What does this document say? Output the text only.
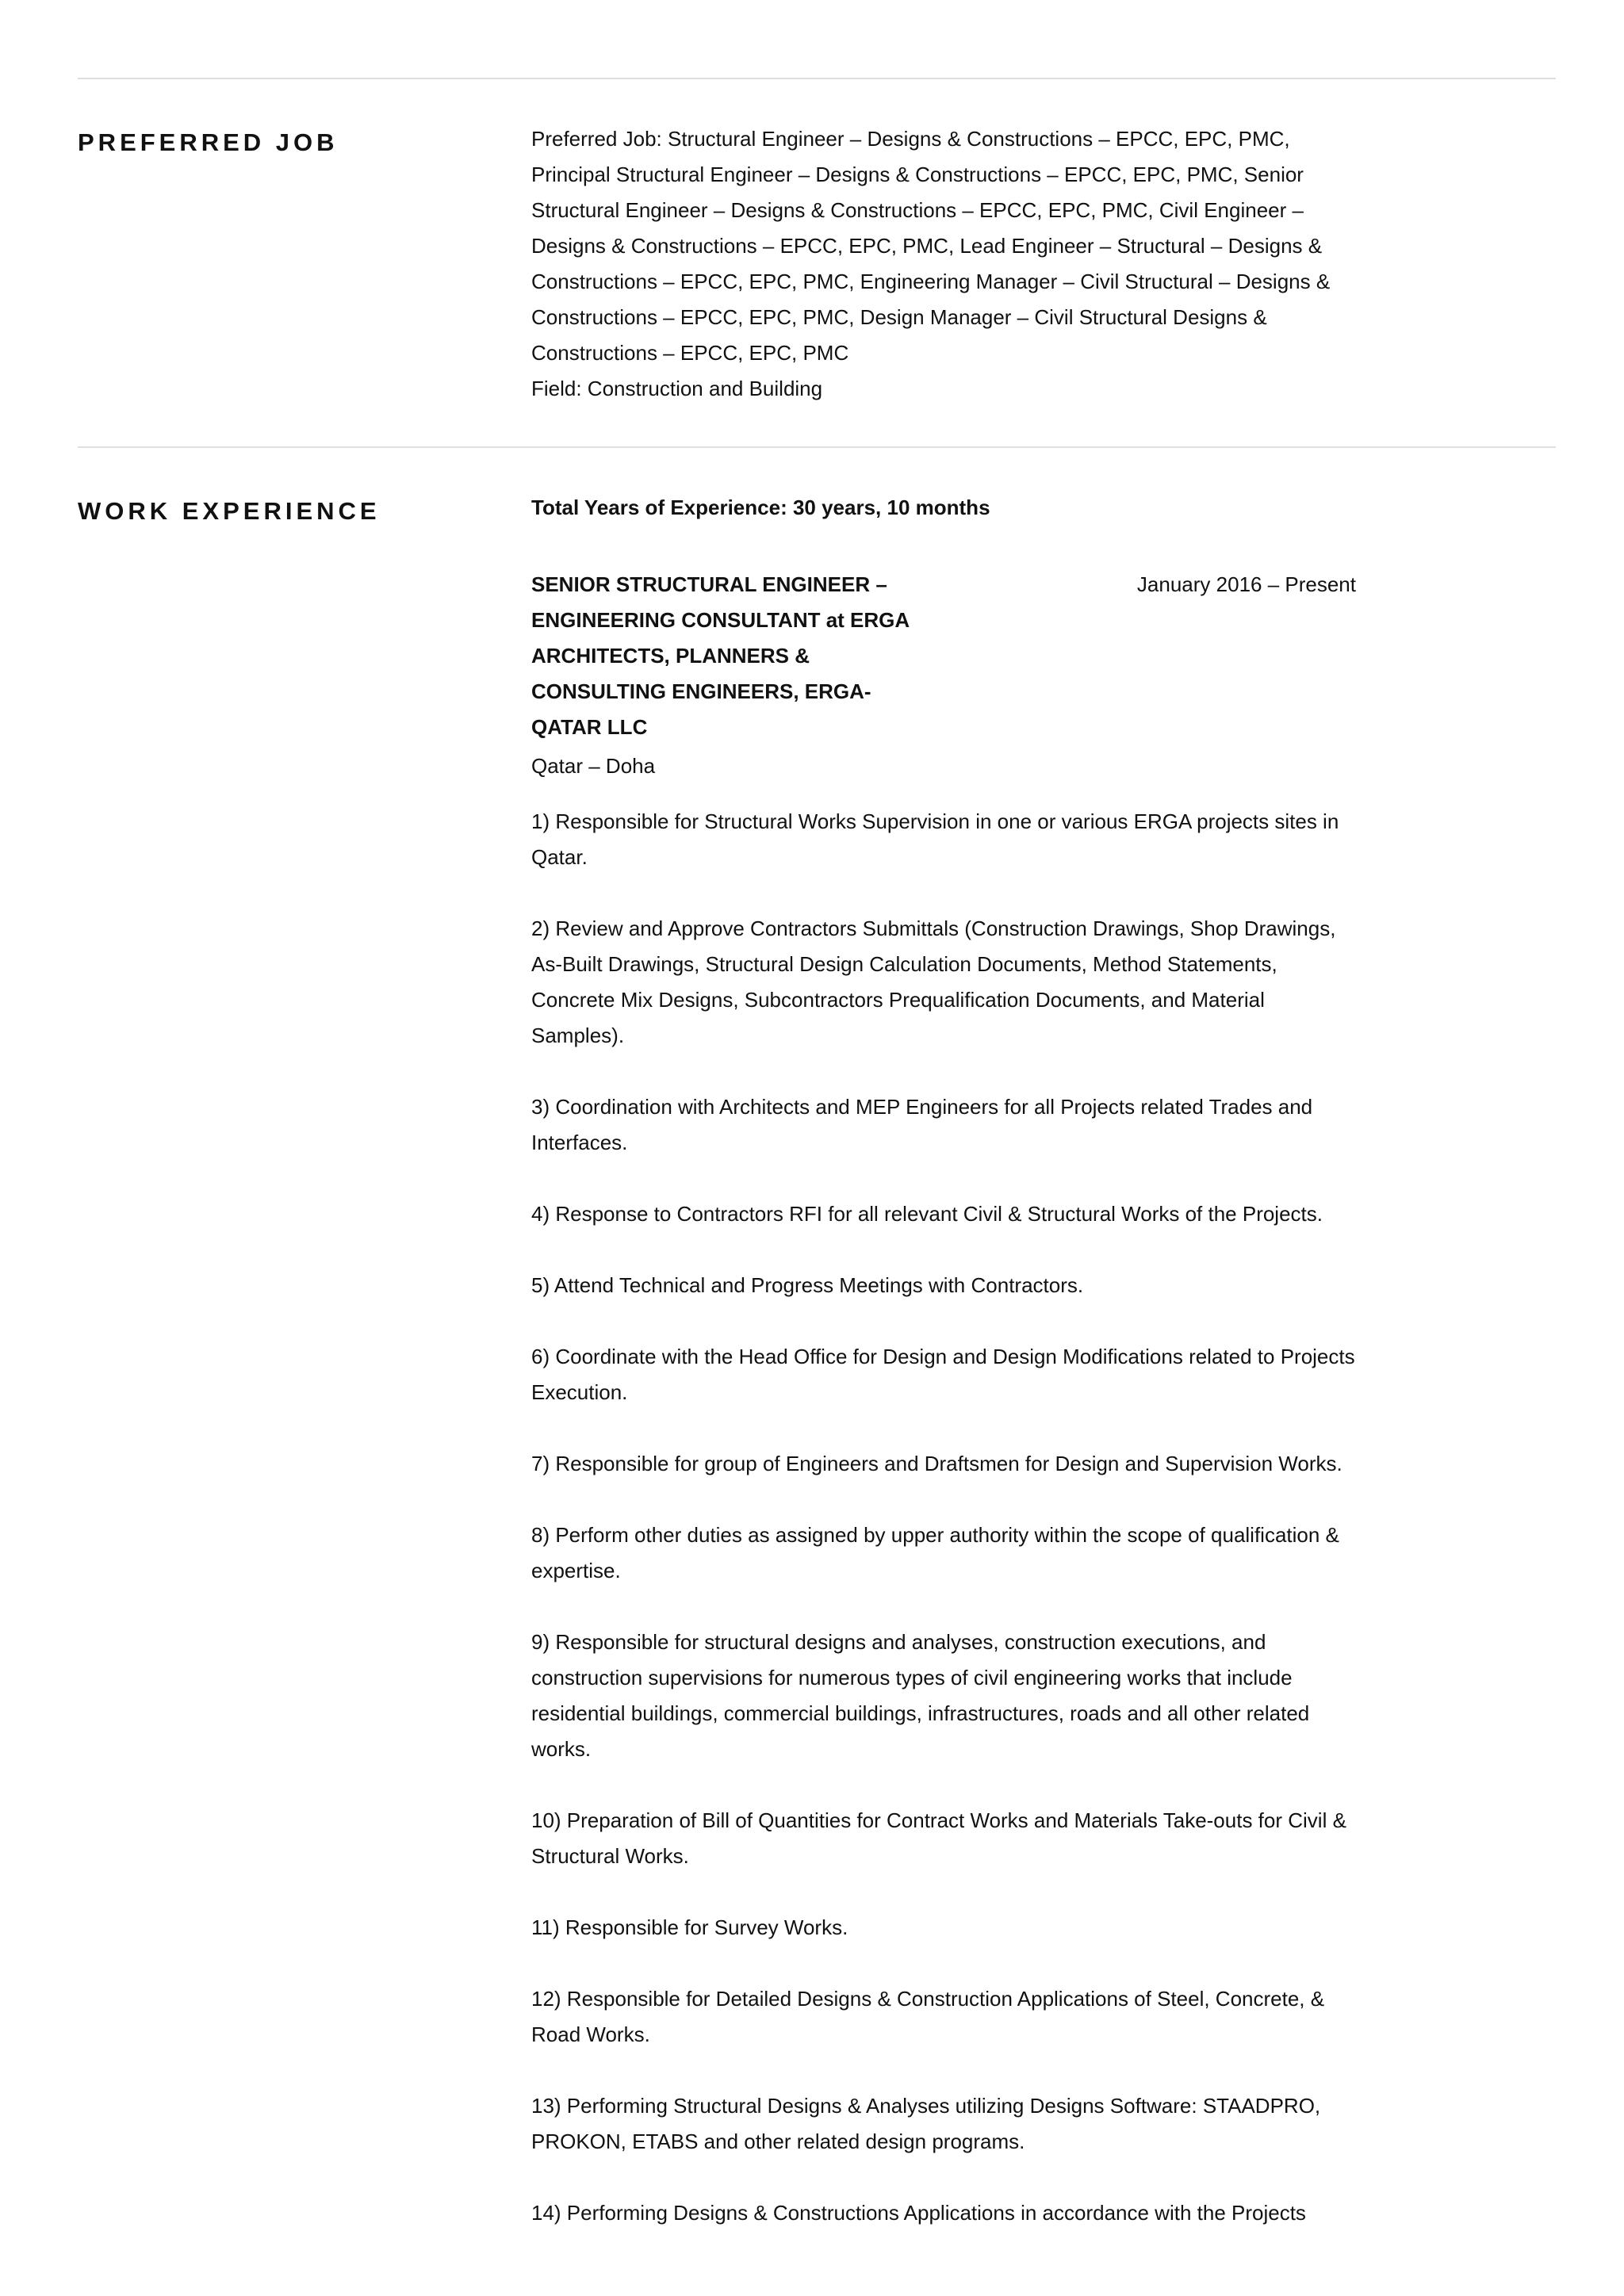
PREFERRED JOB	Preferred Job: Structural Engineer – Designs & Constructions – EPCC, EPC, PMC, Principal Structural Engineer – Designs & Constructions – EPCC, EPC, PMC, Senior Structural Engineer – Designs & Constructions – EPCC, EPC, PMC, Civil Engineer – Designs & Constructions – EPCC, EPC, PMC, Lead Engineer – Structural – Designs & Constructions – EPCC, EPC, PMC, Engineering Manager – Civil Structural – Designs & Constructions – EPCC, EPC, PMC, Design Manager – Civil Structural Designs & Constructions – EPCC, EPC, PMC

Field: Construction and Building

WORK EXPERIENCE	Total Years of Experience: 30 years, 10 months

SENIOR STRUCTURAL ENGINEER – ENGINEERING CONSULTANT at ERGA ARCHITECTS, PLANNERS & CONSULTING ENGINEERS, ERGA-QATAR LLC
January 2016 – Present

Qatar – Doha

1) Responsible for Structural Works Supervision in one or various ERGA projects sites in Qatar.

2) Review and Approve Contractors Submittals (Construction Drawings, Shop Drawings, As-Built Drawings, Structural Design Calculation Documents, Method Statements, Concrete Mix Designs, Subcontractors Prequalification Documents, and Material Samples).

3) Coordination with Architects and MEP Engineers for all Projects related Trades and Interfaces.

4) Response to Contractors RFI for all relevant Civil & Structural Works of the Projects.

5) Attend Technical and Progress Meetings with Contractors.

6) Coordinate with the Head Office for Design and Design Modifications related to Projects Execution.

7) Responsible for group of Engineers and Draftsmen for Design and Supervision Works.

8) Perform other duties as assigned by upper authority within the scope of qualification & expertise.

9) Responsible for structural designs and analyses, construction executions, and construction supervisions for numerous types of civil engineering works that include residential buildings, commercial buildings, infrastructures, roads and all other related works.

10) Preparation of Bill of Quantities for Contract Works and Materials Take-outs for Civil & Structural Works.

11) Responsible for Survey Works.

12) Responsible for Detailed Designs & Construction Applications of Steel, Concrete, & Road Works.

13) Performing Structural Designs & Analyses utilizing Designs Software: STAADPRO, PROKON, ETABS and other related design programs.

14) Performing Designs & Constructions Applications in accordance with the Projects
